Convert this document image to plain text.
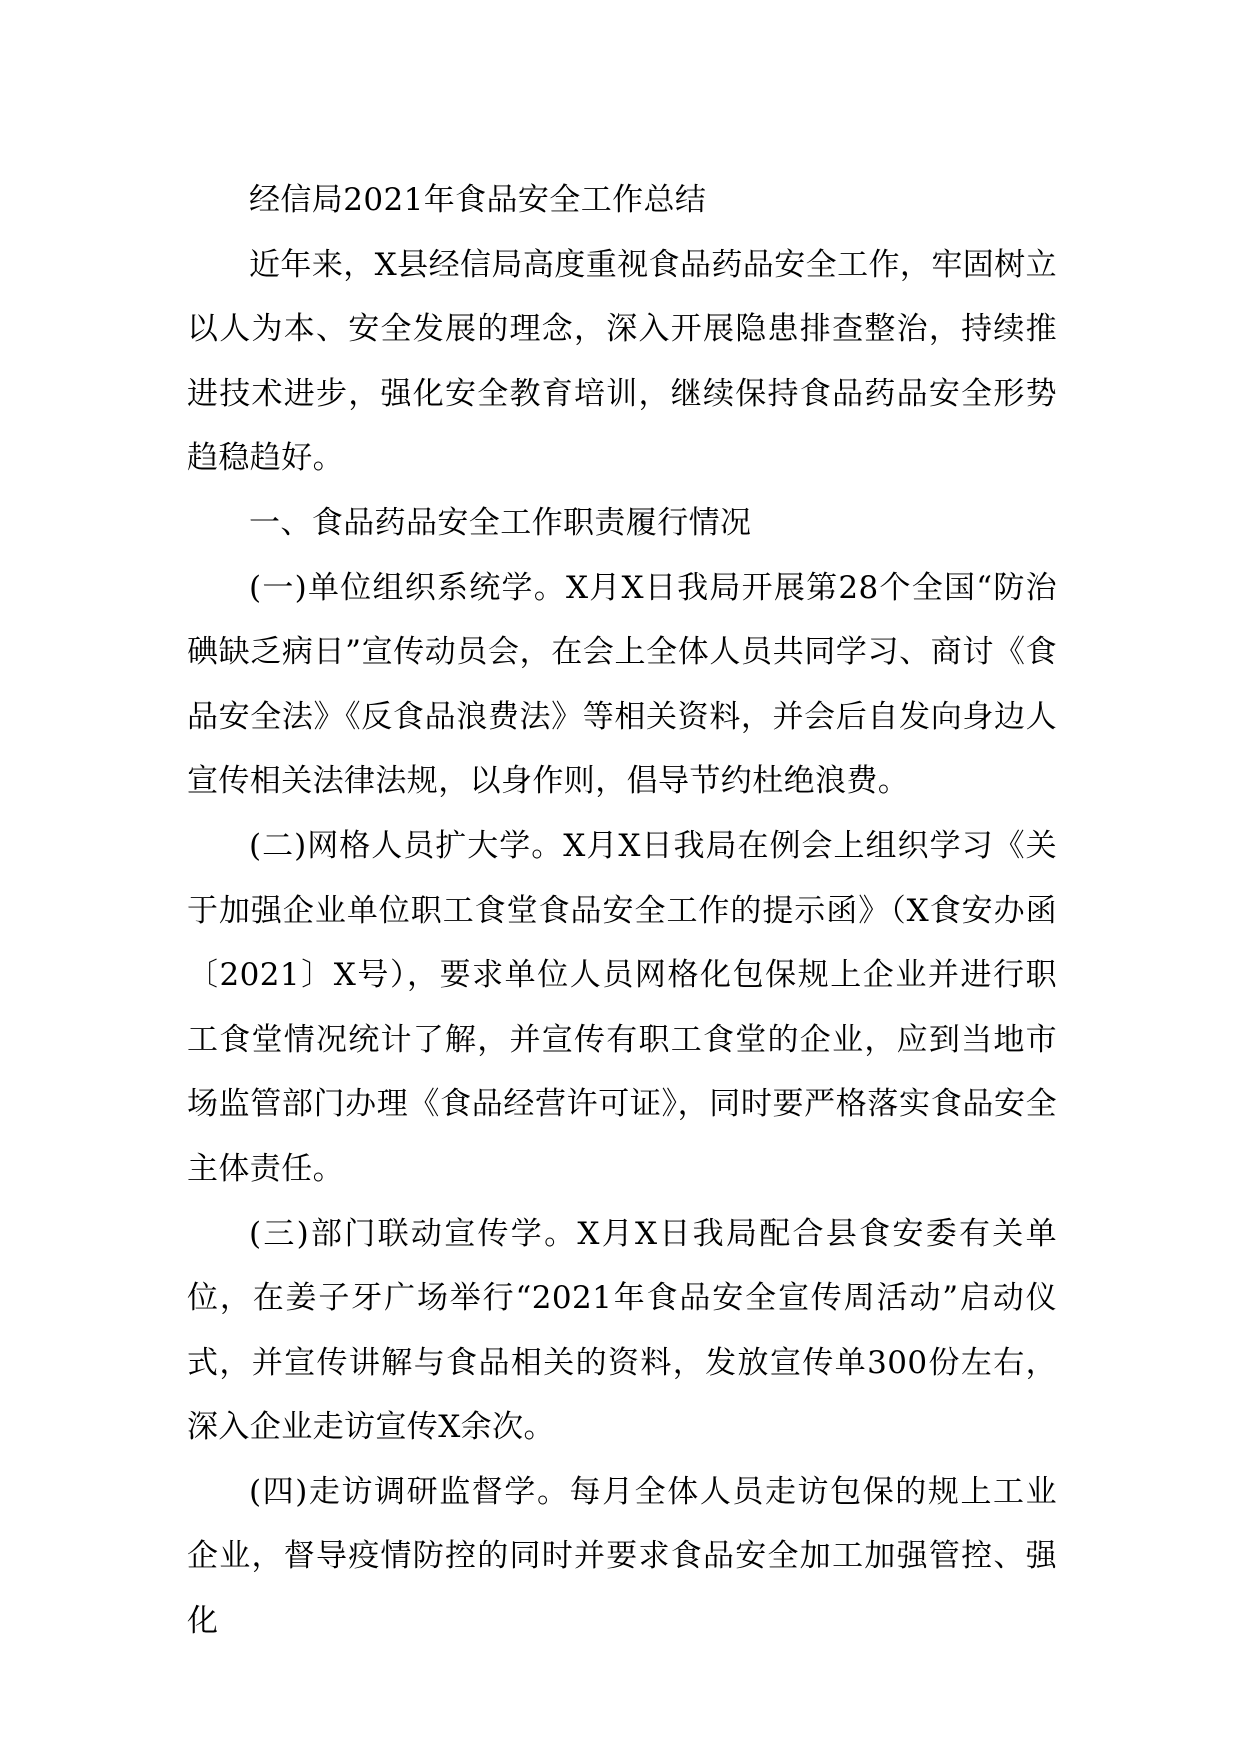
经信局2021年食品安全工作总结

近年来，X县经信局高度重视食品药品安全工作，牢固树立以人为本、安全发展的理念，深入开展隐患排查整治，持续推进技术进步，强化安全教育培训，继续保持食品药品安全形势趋稳趋好。

一、食品药品安全工作职责履行情况

(一)单位组织系统学。X月X日我局开展第28个全国“防治碘缺乏病日”宣传动员会，在会上全体人员共同学习、商讨《食品安全法》《反食品浪费法》等相关资料，并会后自发向身边人宣传相关法律法规，以身作则，倡导节约杜绝浪费。

(二)网格人员扩大学。X月X日我局在例会上组织学习《关于加强企业单位职工食堂食品安全工作的提示函》（X食安办函〔2021〕X号），要求单位人员网格化包保规上企业并进行职工食堂情况统计了解，并宣传有职工食堂的企业，应到当地市场监管部门办理《食品经营许可证》，同时要严格落实食品安全主体责任。

(三)部门联动宣传学。X月X日我局配合县食安委有关单位，在姜子牙广场举行“2021年食品安全宣传周活动”启动仪式，并宣传讲解与食品相关的资料，发放宣传单300份左右，深入企业走访宣传X余次。

(四)走访调研监督学。每月全体人员走访包保的规上工业企业，督导疫情防控的同时并要求食品安全加工加强管控、强化
